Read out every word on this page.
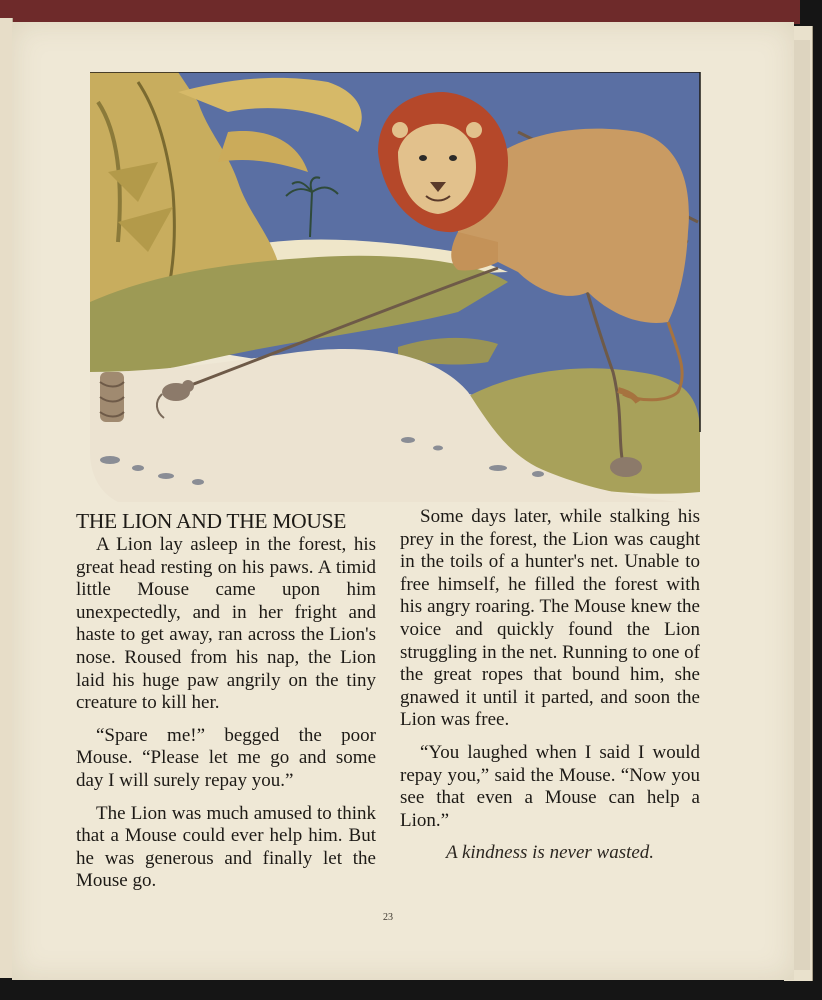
THE LION AND THE MOUSE

A Lion lay asleep in the forest, his great head resting on his paws. A timid little Mouse came upon him unexpectedly, and in her fright and haste to get away, ran across the Lion's nose. Roused from his nap, the Lion laid his huge paw angrily on the tiny creature to kill her.

“Spare me!” begged the poor Mouse. “Please let me go and some day I will surely repay you.”

The Lion was much amused to think that a Mouse could ever help him. But he was generous and finally let the Mouse go.

Some days later, while stalking his prey in the forest, the Lion was caught in the toils of a hunter's net. Unable to free himself, he filled the forest with his angry roaring. The Mouse knew the voice and quickly found the Lion struggling in the net. Running to one of the great ropes that bound him, she gnawed it until it parted, and soon the Lion was free.

“You laughed when I said I would repay you,” said the Mouse. “Now you see that even a Mouse can help a Lion.”

A kindness is never wasted.
23
